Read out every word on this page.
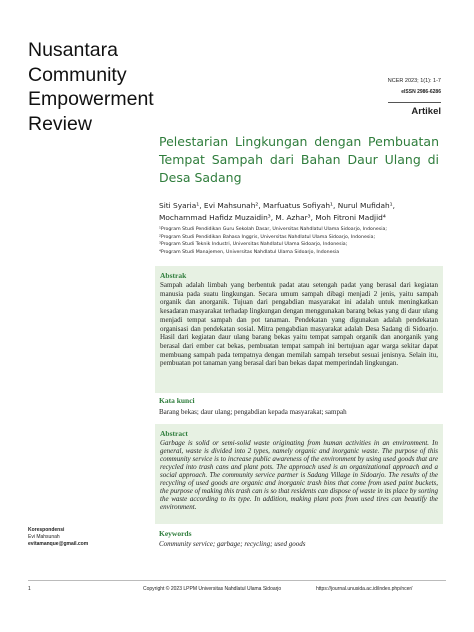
Nusantara
Community
Empowerment
Review
NCER 2023; 1(1): 1-7
eISSN 2986-6286
Artikel
Pelestarian Lingkungan dengan Pembuatan Tempat Sampah dari Bahan Daur Ulang di Desa Sadang
Siti Syaria¹, Evi Mahsunah², Marfuatus Sofiyah¹, Nurul Mufidah¹,
Mochammad Hafidz Muzaidin³, M. Azhar³, Moh Fitroni Madjid⁴
¹Program Studi Pendidikan Guru Sekolah Dasar, Universitas Nahdlatul Ulama Sidoarjo, Indonesia;
²Program Studi Pendidikan Bahasa Inggris, Universitas Nahdlatul Ulama Sidoarjo, Indonesia;
³Program Studi Teknik Industri, Universitas Nahdlatul Ulama Sidoarjo, Indonesia;
⁴Program Studi Manajemen, Universitas Nahdlatul Ulama Sidoarjo, Indonesia
Abstrak
Sampah adalah limbah yang berbentuk padat atau setengah padat yang berasal dari kegiatan manusia pada suatu lingkungan. Secara umum sampah dibagi menjadi 2 jenis, yaitu sampah organik dan anorganik. Tujuan dari pengabdian masyarakat ini adalah untuk meningkatkan kesadaran masyarakat terhadap lingkungan dengan menggunakan barang bekas yang di daur ulang menjadi tempat sampah dan pot tanaman. Pendekatan yang digunakan adalah pendekatan organisasi dan pendekatan sosial. Mitra pengabdian masyarakat adalah Desa Sadang di Sidoarjo. Hasil dari kegiatan daur ulang barang bekas yaitu tempat sampah organik dan anorganik yang berasal dari ember cat bekas, pembuatan tempat sampah ini bertujuan agar warga sekitar dapat membuang sampah pada tempatnya dengan memilah sampah tersebut sesuai jenisnya. Selain itu, pembuatan pot tanaman yang berasal dari ban bekas dapat memperindah lingkungan.
Kata kunci
Barang bekas; daur ulang; pengabdian kepada masyarakat; sampah
Abstract
Garbage is solid or semi-solid waste originating from human activities in an environment. In general, waste is divided into 2 types, namely organic and inorganic waste. The purpose of this community service is to increase public awareness of the environment by using used goods that are recycled into trash cans and plant pots. The approach used is an organizational approach and a social approach. The community service partner is Sadang Village in Sidoarjo. The results of the recycling of used goods are organic and inorganic trash bins that come from used paint buckets, the purpose of making this trash can is so that residents can dispose of waste in its place by sorting the waste according to its type. In addition, making plant pots from used tires can beautify the environment.
Keywords
Community service; garbage; recycling; used goods
Korespondensi
Evi Mahsunah
evitamanque@gmail.com
1	Copyright © 2023 LPPM Universitas Nahdlatul Ulama Sidoarjo	https://journal.unusida.ac.id/index.php/ncer/
